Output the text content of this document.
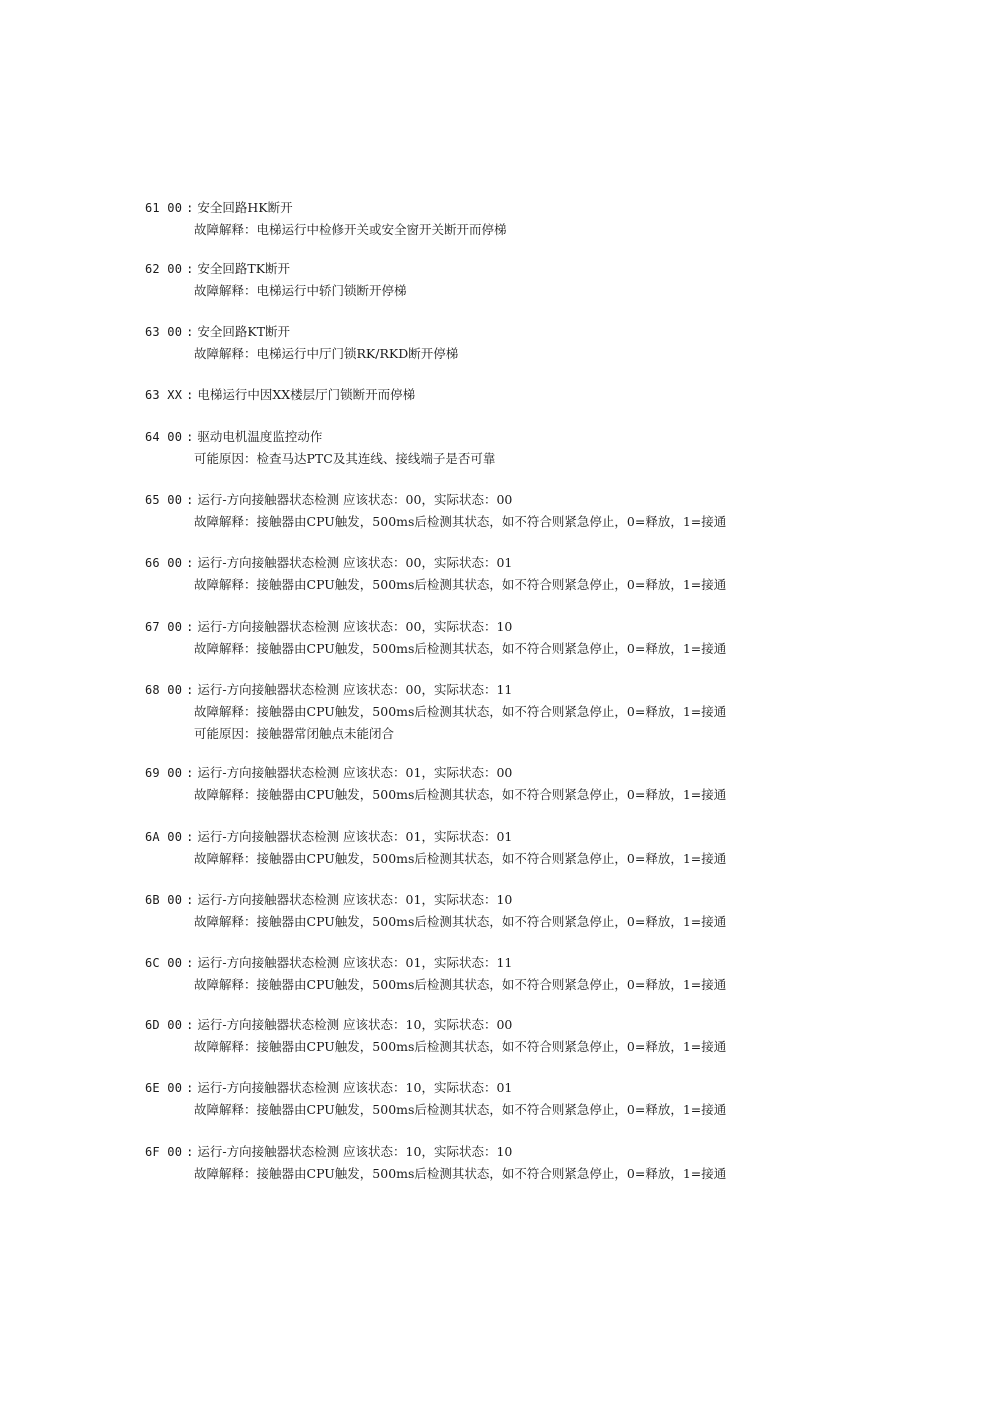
61 00 : 安全回路HK断开
故障解释：电梯运行中检修开关或安全窗开关断开而停梯
62 00 : 安全回路TK断开
故障解释：电梯运行中轿门锁断开停梯
63 00 : 安全回路KT断开
故障解释：电梯运行中厅门锁RK/RKD断开停梯
63 XX : 电梯运行中因XX楼层厅门锁断开而停梯
64 00 : 驱动电机温度监控动作
可能原因：检查马达PTC及其连线、接线端子是否可靠
65 00 : 运行-方向接触器状态检测 应该状态：00，实际状态：00
故障解释：接触器由CPU触发，500ms后检测其状态，如不符合则紧急停止，0=释放，1=接通
66 00 : 运行-方向接触器状态检测 应该状态：00，实际状态：01
故障解释：接触器由CPU触发，500ms后检测其状态，如不符合则紧急停止，0=释放，1=接通
67 00 : 运行-方向接触器状态检测 应该状态：00，实际状态：10
故障解释：接触器由CPU触发，500ms后检测其状态，如不符合则紧急停止，0=释放，1=接通
68 00 : 运行-方向接触器状态检测 应该状态：00，实际状态：11
故障解释：接触器由CPU触发，500ms后检测其状态，如不符合则紧急停止，0=释放，1=接通
可能原因：接触器常闭触点未能闭合
69 00 : 运行-方向接触器状态检测 应该状态：01，实际状态：00
故障解释：接触器由CPU触发，500ms后检测其状态，如不符合则紧急停止，0=释放，1=接通
6A 00 : 运行-方向接触器状态检测 应该状态：01，实际状态：01
故障解释：接触器由CPU触发，500ms后检测其状态，如不符合则紧急停止，0=释放，1=接通
6B 00 : 运行-方向接触器状态检测 应该状态：01，实际状态：10
故障解释：接触器由CPU触发，500ms后检测其状态，如不符合则紧急停止，0=释放，1=接通
6C 00 : 运行-方向接触器状态检测 应该状态：01，实际状态：11
故障解释：接触器由CPU触发，500ms后检测其状态，如不符合则紧急停止，0=释放，1=接通
6D 00 : 运行-方向接触器状态检测 应该状态：10，实际状态：00
故障解释：接触器由CPU触发，500ms后检测其状态，如不符合则紧急停止，0=释放，1=接通
6E 00 : 运行-方向接触器状态检测 应该状态：10，实际状态：01
故障解释：接触器由CPU触发，500ms后检测其状态，如不符合则紧急停止，0=释放，1=接通
6F 00 : 运行-方向接触器状态检测 应该状态：10，实际状态：10
故障解释：接触器由CPU触发，500ms后检测其状态，如不符合则紧急停止，0=释放，1=接通
